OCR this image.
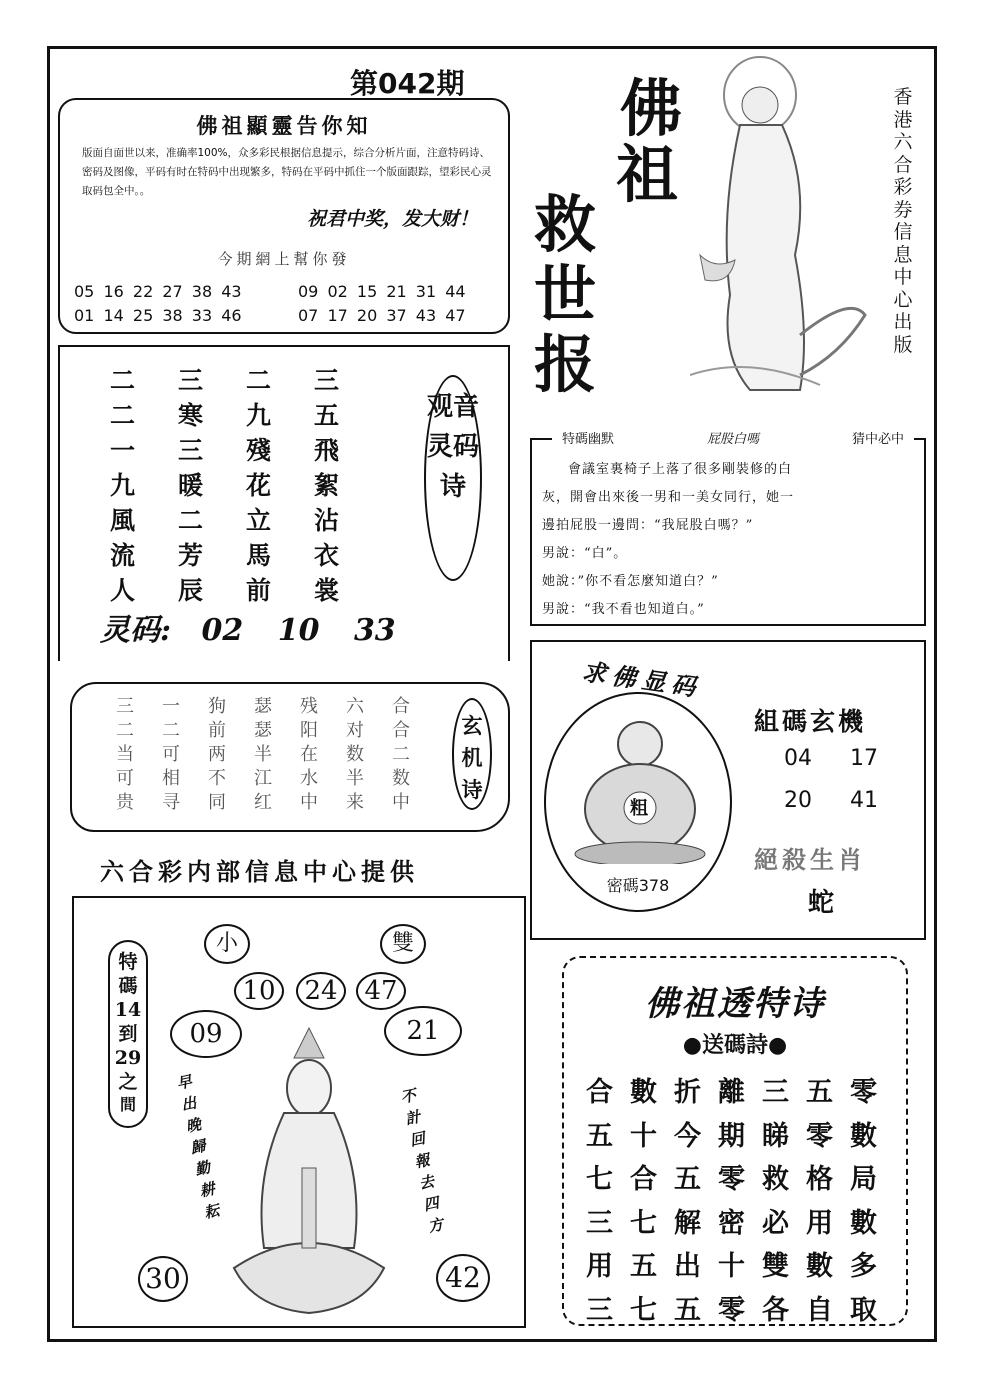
第042期
佛祖顯靈告你知
版面自面世以来，准确率100%，众多彩民根据信息提示，综合分析片面，注意特码诗、密码及图像，平码有时在特码中出现繁多，特码在平码中抓住一个版面跟踪，望彩民心灵取码包全中。。
祝君中奖，发大财！
今期網上幫你發
05 16 22 27 38 43	09 02 15 21 31 44
01 14 25 38 33 46	07 17 20 37 43 47
佛
祖
救
世
报
香港六合彩券信息中心出版
二	三	二	三
二	寒	九	五
一	三	殘	飛
九	暖	花	絮
風	二	立	沾
流	芳	馬	衣
人	辰	前	裳
观音灵码诗
灵码: 02 10 33
特碼幽默	屁股白嗎	猜中必中
會議室裏椅子上落了很多剛裝修的白
灰，開會出來後一男和一美女同行，她一
邊拍屁股一邊問：“我屁股白嗎？”
男說：“白”。
她說：”你不看怎麼知道白？”
男說：“我不看也知道白。”
三	一	狗	瑟	残	六	合
二	二	前	瑟	阳	对	合
当	可	两	半	在	数	二
可	相	不	江	水	半	数
贵	寻	同	红	中	来	中
玄机诗
六合彩内部信息中心提供
求佛显码
粗
密碼378
組碼玄機
04 17
20 41
絕殺生肖
蛇
小	雙
10	24	47
09	21
30	42
特
碼
14
到
29
之
間
早
出
晚
歸
勤
耕
耘
不
計
回
報
去
四
方
佛祖透特诗
●送碼詩●
合 數 折 離 三 五 零
五 十 今 期 睇 零 數
七 合 五 零 救 格 局
三 七 解 密 必 用 數
用 五 出 十 雙 數 多
三 七 五 零 各 自 取
